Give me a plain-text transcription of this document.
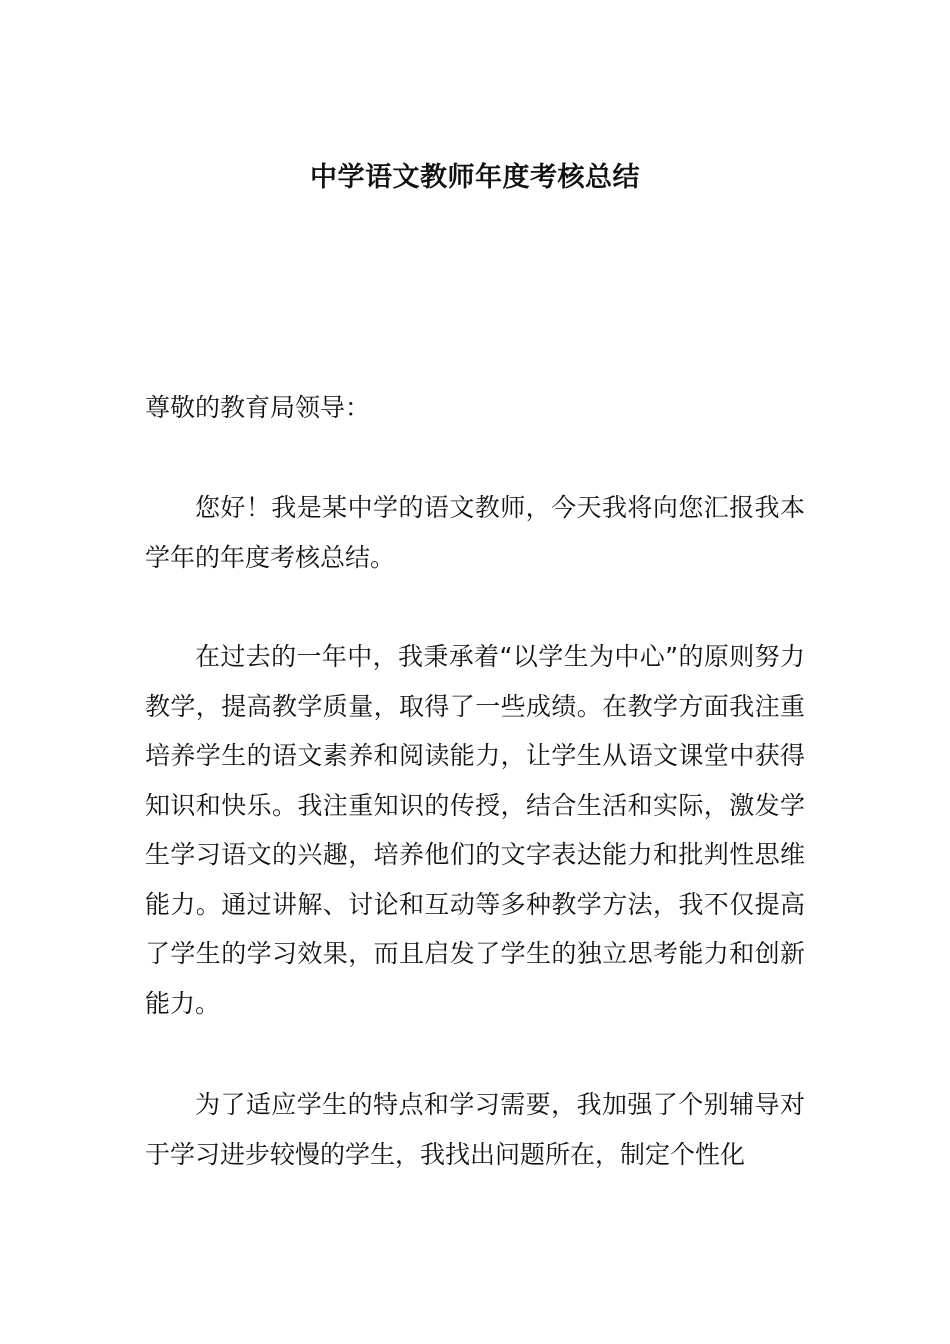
中学语文教师年度考核总结
尊敬的教育局领导：

您好！我是某中学的语文教师，今天我将向您汇报我本学年的年度考核总结。

在过去的一年中，我秉承着“以学生为中心”的原则努力教学，提高教学质量，取得了一些成绩。在教学方面我注重培养学生的语文素养和阅读能力，让学生从语文课堂中获得知识和快乐。我注重知识的传授，结合生活和实际，激发学生学习语文的兴趣，培养他们的文字表达能力和批判性思维能力。通过讲解、讨论和互动等多种教学方法，我不仅提高了学生的学习效果，而且启发了学生的独立思考能力和创新能力。

为了适应学生的特点和学习需要，我加强了个别辅导对于学习进步较慢的学生，我找出问题所在，制定个性化
